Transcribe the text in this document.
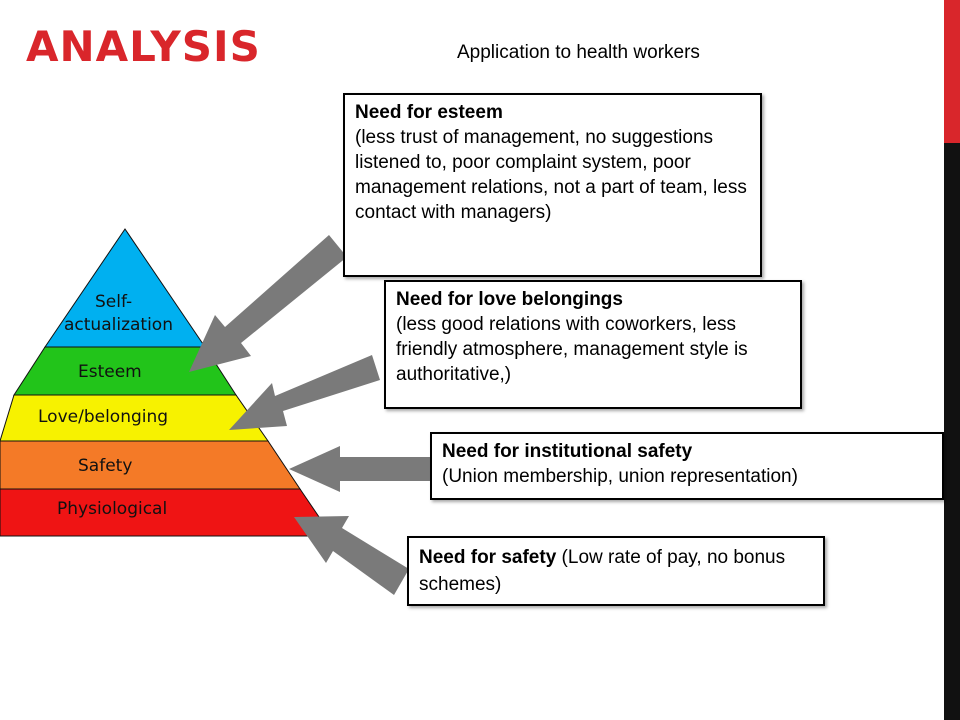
ANALYSIS	Application to health workers
Self-
actualization
Esteem
Love/belonging
Safety
Physiological
Need for esteem
(less trust of management, no suggestions listened to, poor complaint system, poor management relations, not a part of team, less contact with managers)
Need for love belongings
(less good relations with coworkers, less friendly atmosphere, management style is authoritative,)
Need for institutional safety
(Union membership, union representation)
Need for safety (Low rate of pay, no bonus schemes)
